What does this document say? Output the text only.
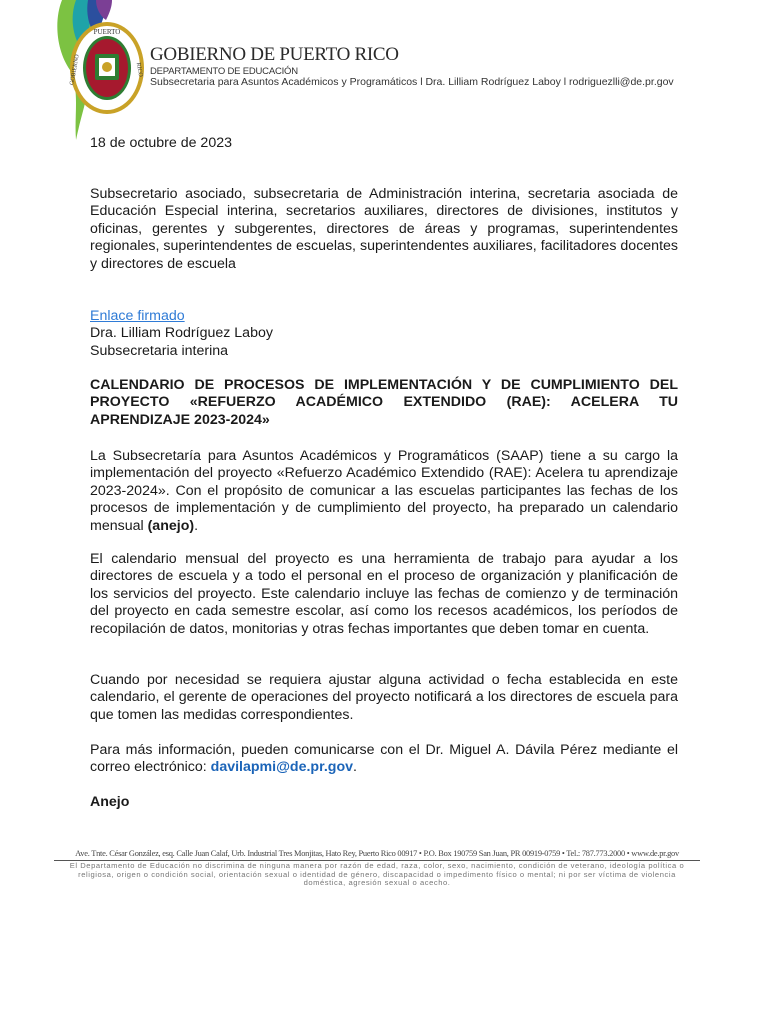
PUERTO
GOBIERNO	RICO
GOBIERNO DE PUERTO RICO
DEPARTAMENTO DE EDUCACIÓN
Subsecretaria para Asuntos Académicos y Programáticos l Dra. Lilliam Rodríguez Laboy l rodriguezlli@de.pr.gov
18 de octubre de 2023
Subsecretario asociado, subsecretaria de Administración interina, secretaria asociada de Educación Especial interina, secretarios auxiliares, directores de divisiones, institutos y oficinas, gerentes y subgerentes, directores de áreas y programas, superintendentes regionales, superintendentes de escuelas, superintendentes auxiliares, facilitadores docentes y directores de escuela
Enlace firmado
Dra. Lilliam Rodríguez Laboy
Subsecretaria interina
CALENDARIO DE PROCESOS DE IMPLEMENTACIÓN Y DE CUMPLIMIENTO DEL PROYECTO «REFUERZO ACADÉMICO EXTENDIDO (RAE): ACELERA TU APRENDIZAJE 2023-2024»
La Subsecretaría para Asuntos Académicos y Programáticos (SAAP) tiene a su cargo la implementación del proyecto «Refuerzo Académico Extendido (RAE): Acelera tu aprendizaje 2023-2024». Con el propósito de comunicar a las escuelas participantes las fechas de los procesos de implementación y de cumplimiento del proyecto, ha preparado un calendario mensual (anejo).
El calendario mensual del proyecto es una herramienta de trabajo para ayudar a los directores de escuela y a todo el personal en el proceso de organización y planificación de los servicios del proyecto. Este calendario incluye las fechas de comienzo y de terminación del proyecto en cada semestre escolar, así como los recesos académicos, los períodos de recopilación de datos, monitorias y otras fechas importantes que deben tomar en cuenta.
Cuando por necesidad se requiera ajustar alguna actividad o fecha establecida en este calendario, el gerente de operaciones del proyecto notificará a los directores de escuela para que tomen las medidas correspondientes.
Para más información, pueden comunicarse con el Dr. Miguel A. Dávila Pérez mediante el correo electrónico: davilapmi@de.pr.gov.
Anejo
Ave. Tnte. César González, esq. Calle Juan Calaf, Urb. Industrial Tres Monjitas, Hato Rey, Puerto Rico 00917 • P.O. Box 190759 San Juan, PR 00919-0759 • Tel.: 787.773.2000 • www.de.pr.gov
El Departamento de Educación no discrimina de ninguna manera por razón de edad, raza, color, sexo, nacimiento, condición de veterano, ideología política o religiosa, origen o condición social, orientación sexual o identidad de género, discapacidad o impedimento físico o mental; ni por ser víctima de violencia doméstica, agresión sexual o acecho.
